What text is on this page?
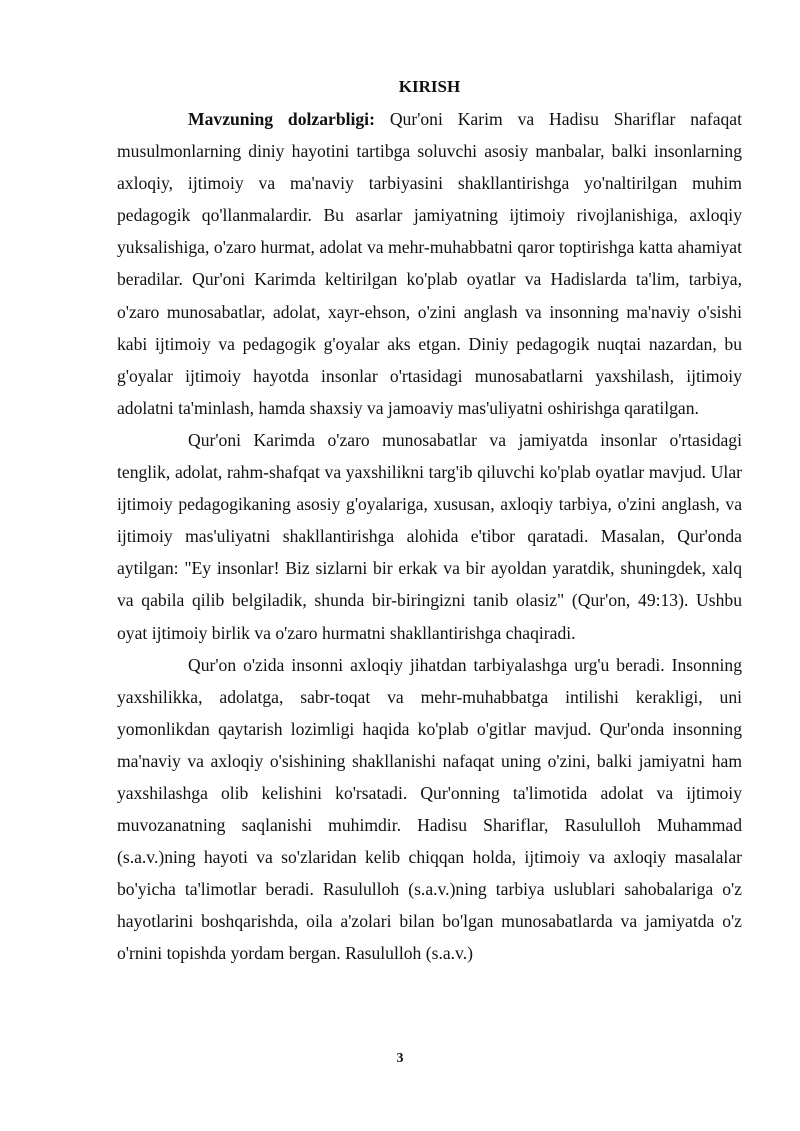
KIRISH

Mavzuning dolzarbligi: Qur'oni Karim va Hadisu Shariflar nafaqat musulmonlarning diniy hayotini tartibga soluvchi asosiy manbalar, balki insonlarning axloqiy, ijtimoiy va ma'naviy tarbiyasini shakllantirishga yo'naltirilgan muhim pedagogik qo'llanmalardir. Bu asarlar jamiyatning ijtimoiy rivojlanishiga, axloqiy yuksalishiga, o'zaro hurmat, adolat va mehr-muhabbatni qaror toptirishga katta ahamiyat beradilar. Qur'oni Karimda keltirilgan ko'plab oyatlar va Hadislarda ta'lim, tarbiya, o'zaro munosabatlar, adolat, xayr-ehson, o'zini anglash va insonning ma'naviy o'sishi kabi ijtimoiy va pedagogik g'oyalar aks etgan. Diniy pedagogik nuqtai nazardan, bu g'oyalar ijtimoiy hayotda insonlar o'rtasidagi munosabatlarni yaxshilash, ijtimoiy adolatni ta'minlash, hamda shaxsiy va jamoaviy mas'uliyatni oshirishga qaratilgan.

Qur'oni Karimda o'zaro munosabatlar va jamiyatda insonlar o'rtasidagi tenglik, adolat, rahm-shafqat va yaxshilikni targ'ib qiluvchi ko'plab oyatlar mavjud. Ular ijtimoiy pedagogikaning asosiy g'oyalariga, xususan, axloqiy tarbiya, o'zini anglash, va ijtimoiy mas'uliyatni shakllantirishga alohida e'tibor qaratadi. Masalan, Qur'onda aytilgan: "Ey insonlar! Biz sizlarni bir erkak va bir ayoldan yaratdik, shuningdek, xalq va qabila qilib belgiladik, shunda bir-biringizni tanib olasiz" (Qur'on, 49:13). Ushbu oyat ijtimoiy birlik va o'zaro hurmatni shakllantirishga chaqiradi.

Qur'on o'zida insonni axloqiy jihatdan tarbiyalashga urg'u beradi. Insonning yaxshilikka, adolatga, sabr-toqat va mehr-muhabbatga intilishi kerakligi, uni yomonlikdan qaytarish lozimligi haqida ko'plab o'gitlar mavjud. Qur'onda insonning ma'naviy va axloqiy o'sishining shakllanishi nafaqat uning o'zini, balki jamiyatni ham yaxshilashga olib kelishini ko'rsatadi. Qur'onning ta'limotida adolat va ijtimoiy muvozanatning saqlanishi muhimdir. Hadisu Shariflar, Rasululloh Muhammad (s.a.v.)ning hayoti va so'zlaridan kelib chiqqan holda, ijtimoiy va axloqiy masalalar bo'yicha ta'limotlar beradi. Rasululloh (s.a.v.)ning tarbiya uslublari sahobalariga o'z hayotlarini boshqarishda, oila a'zolari bilan bo'lgan munosabatlarda va jamiyatda o'z o'rnini topishda yordam bergan. Rasululloh (s.a.v.)

3
